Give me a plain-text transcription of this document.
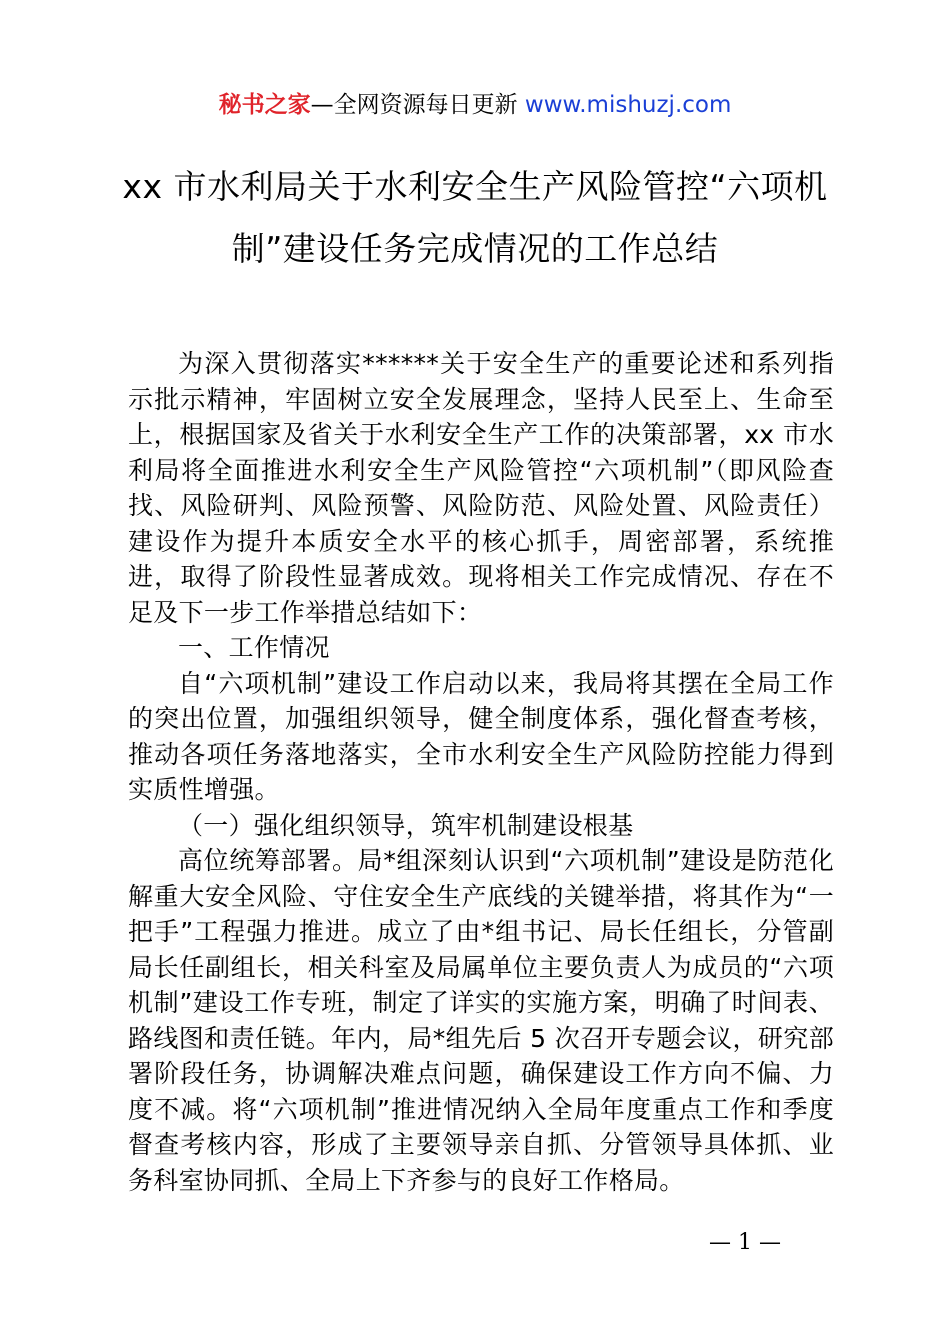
秘书之家—全网资源每日更新 www.mishuzj.com
xx 市水利局关于水利安全生产风险管控“六项机制”建设任务完成情况的工作总结

为深入贯彻落实******关于安全生产的重要论述和系列指示批示精神，牢固树立安全发展理念，坚持人民至上、生命至上，根据国家及省关于水利安全生产工作的决策部署，xx 市水利局将全面推进水利安全生产风险管控“六项机制”（即风险查找、风险研判、风险预警、风险防范、风险处置、风险责任）建设作为提升本质安全水平的核心抓手，周密部署，系统推进，取得了阶段性显著成效。现将相关工作完成情况、存在不足及下一步工作举措总结如下：

一、工作情况

自“六项机制”建设工作启动以来，我局将其摆在全局工作的突出位置，加强组织领导，健全制度体系，强化督查考核，推动各项任务落地落实，全市水利安全生产风险防控能力得到实质性增强。

（一）强化组织领导，筑牢机制建设根基

高位统筹部署。局*组深刻认识到“六项机制”建设是防范化解重大安全风险、守住安全生产底线的关键举措，将其作为“一把手”工程强力推进。成立了由*组书记、局长任组长，分管副局长任副组长，相关科室及局属单位主要负责人为成员的“六项机制”建设工作专班，制定了详实的实施方案，明确了时间表、路线图和责任链。年内，局*组先后 5 次召开专题会议，研究部署阶段任务，协调解决难点问题，确保建设工作方向不偏、力度不减。将“六项机制”推进情况纳入全局年度重点工作和季度督查考核内容，形成了主要领导亲自抓、分管领导具体抓、业务科室协同抓、全局上下齐参与的良好工作格局。

— 1 —
